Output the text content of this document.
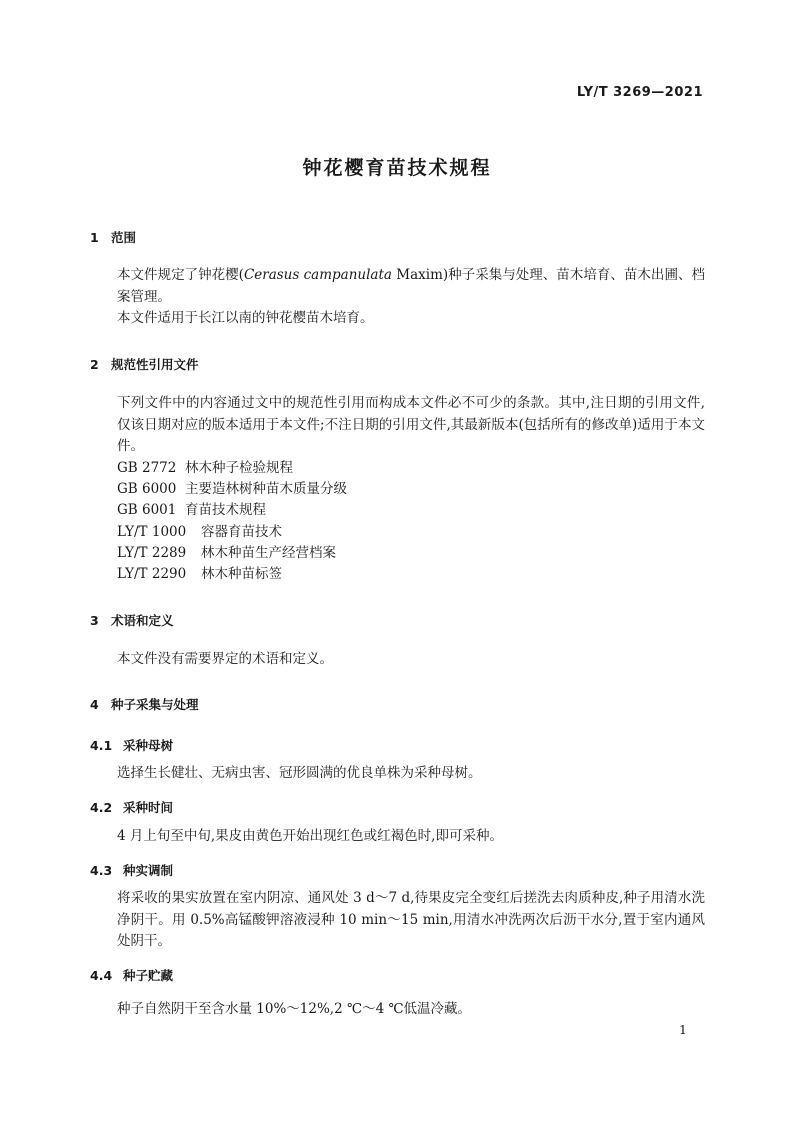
LY/T 3269—2021
钟花樱育苗技术规程
1 范围

本文件规定了钟花樱(Cerasus campanulata Maxim)种子采集与处理、苗木培育、苗木出圃、档案管理。

本文件适用于长江以南的钟花樱苗木培育。

2 规范性引用文件

下列文件中的内容通过文中的规范性引用而构成本文件必不可少的条款。其中,注日期的引用文件,仅该日期对应的版本适用于本文件;不注日期的引用文件,其最新版本(包括所有的修改单)适用于本文件。

GB 2772 林木种子检验规程
GB 6000 主要造林树种苗木质量分级
GB 6001 育苗技术规程
LY/T 1000 容器育苗技术
LY/T 2289 林木种苗生产经营档案
LY/T 2290 林木种苗标签
3 术语和定义

本文件没有需要界定的术语和定义。

4 种子采集与处理
4.1 采种母树

选择生长健壮、无病虫害、冠形圆满的优良单株为采种母树。

4.2 采种时间

4 月上旬至中旬,果皮由黄色开始出现红色或红褐色时,即可采种。

4.3 种实调制

将采收的果实放置在室内阴凉、通风处 3 d～7 d,待果皮完全变红后搓洗去肉质种皮,种子用清水洗净阴干。用 0.5%高锰酸钾溶液浸种 10 min～15 min,用清水冲洗两次后沥干水分,置于室内通风处阴干。

4.4 种子贮藏

种子自然阴干至含水量 10%～12%,2 ℃～4 ℃低温冷藏。

1
